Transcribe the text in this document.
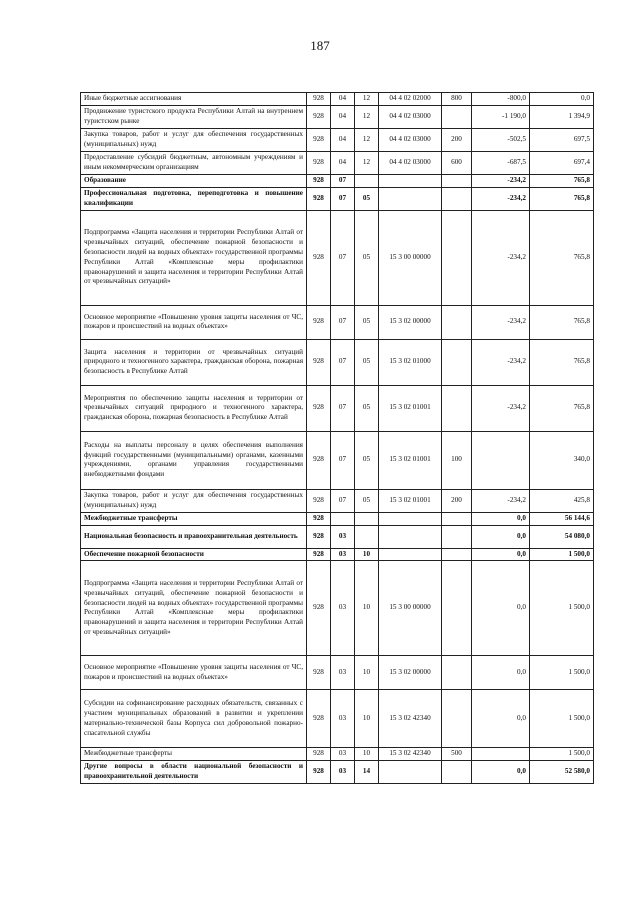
187
Иные бюджетные ассигнования	928	04	12	04 4 02 02000	800	-800,0	0,0
Продвижение туристского продукта Республики Алтай на внутреннем туристском рынке	928	04	12	04 4 02 03000		-1 190,0	1 394,9
Закупка товаров, работ и услуг для обеспечения государственных (муниципальных) нужд	928	04	12	04 4 02 03000	200	-502,5	697,5
Предоставление субсидий бюджетным, автономным учреждениям и иным некоммерческим организациям	928	04	12	04 4 02 03000	600	-687,5	697,4
Образование	928	07				-234,2	765,8
Профессиональная подготовка, переподготовка и повышение квалификации	928	07	05			-234,2	765,8
Подпрограмма «Защита населения и территории Республики Алтай от чрезвычайных ситуаций, обеспечение пожарной безопасности и безопасности людей на водных объектах» государственной программы Республики Алтай «Комплексные меры профилактики правонарушений и защита населения и территории Республики Алтай от чрезвычайных ситуаций»	928	07	05	15 3 00 00000		-234,2	765,8
Основное мероприятие «Повышение уровня защиты населения от ЧС, пожаров и происшествий на водных объектах»	928	07	05	15 3 02 00000		-234,2	765,8
Защита населения и территории от чрезвычайных ситуаций природного и техногенного характера, гражданская оборона, пожарная безопасность в Республике Алтай	928	07	05	15 3 02 01000		-234,2	765,8
Мероприятия по обеспечению защиты населения и территории от чрезвычайных ситуаций природного и техногенного характера, гражданская оборона, пожарная безопасность в Республике Алтай	928	07	05	15 3 02 01001		-234,2	765,8
Расходы на выплаты персоналу в целях обеспечения выполнения функций государственными (муниципальными) органами, казенными учреждениями, органами управления государственными внебюджетными фондами	928	07	05	15 3 02 01001	100		340,0
Закупка товаров, работ и услуг для обеспечения государственных (муниципальных) нужд	928	07	05	15 3 02 01001	200	-234,2	425,8
Межбюджетные трансферты	928					0,0	56 144,6
Национальная безопасность и правоохранительная деятельность	928	03				0,0	54 080,0
Обеспечение пожарной безопасности	928	03	10			0,0	1 500,0
Подпрограмма «Защита населения и территории Республики Алтай от чрезвычайных ситуаций, обеспечение пожарной безопасности и безопасности людей на водных объектах» государственной программы Республики Алтай «Комплексные меры профилактики правонарушений и защита населения и территории Республики Алтай от чрезвычайных ситуаций»	928	03	10	15 3 00 00000		0,0	1 500,0
Основное мероприятие «Повышение уровня защиты населения от ЧС, пожаров и происшествий на водных объектах»	928	03	10	15 3 02 00000		0,0	1 500,0
Субсидии на софинансирование расходных обязательств, связанных с участием муниципальных образований в развитии и укреплении материально-технической базы Корпуса сил добровольной пожарно-спасательной службы	928	03	10	15 3 02 42340		0,0	1 500,0
Межбюджетные трансферты	928	03	10	15 3 02 42340	500		1 500,0
Другие вопросы в области национальной безопасности и правоохранительной деятельности	928	03	14			0,0	52 580,0
